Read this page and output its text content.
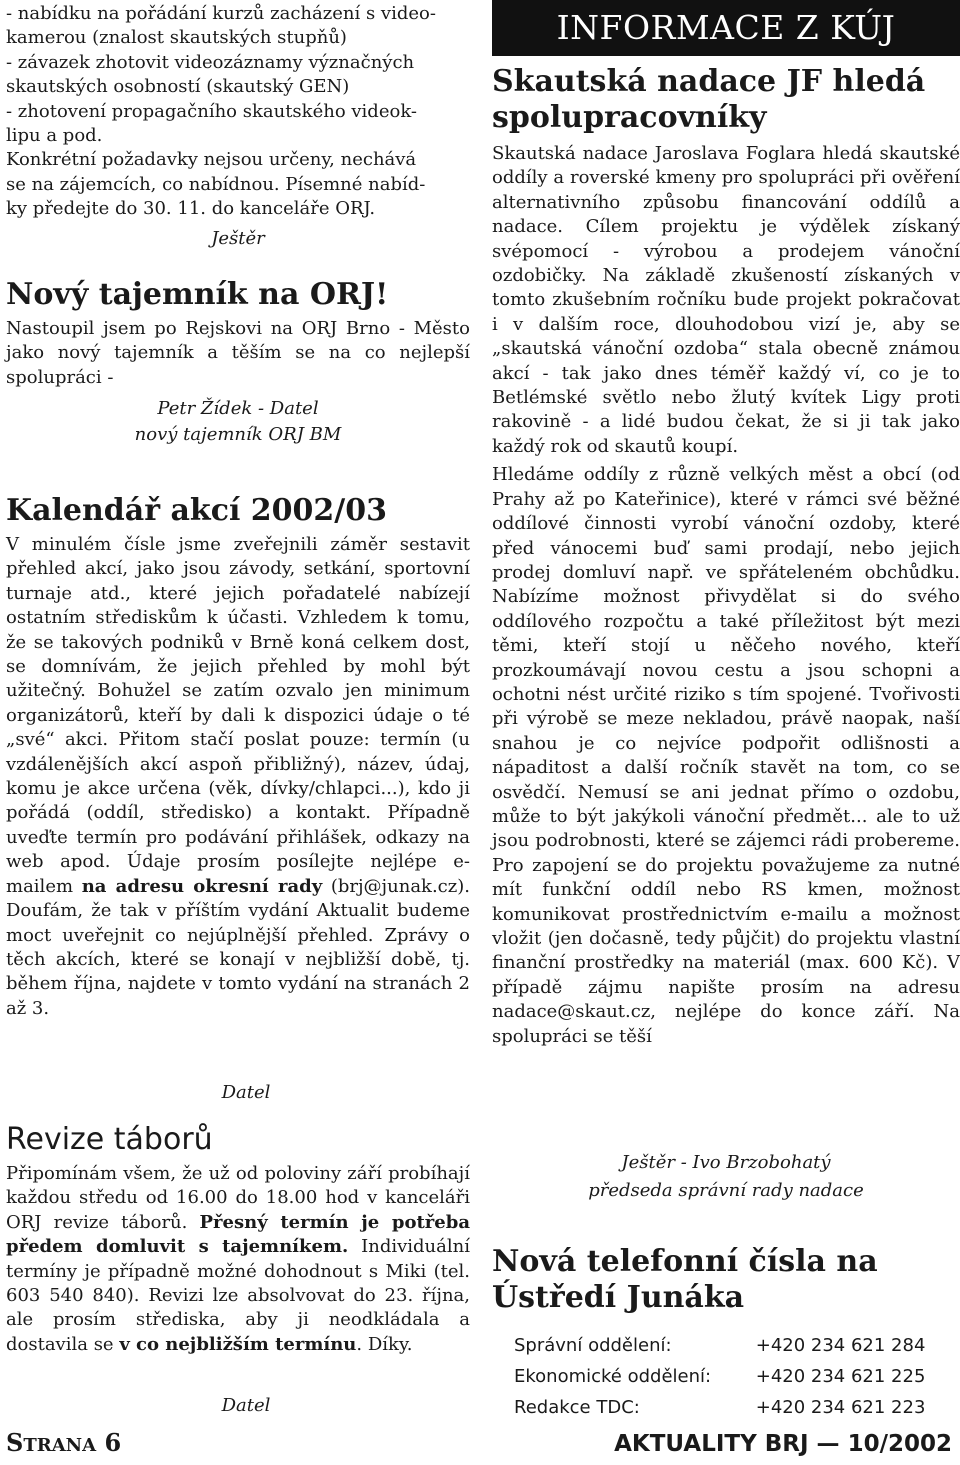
- nabídku na pořádání kurzů zacházení s video-

kamerou (znalost skautských stupňů)

- závazek zhotovit videozáznamy význačných

skautských osobností (skautský GEN)

- zhotovení propagačního skautského videok-

lipu a pod.

Konkrétní požadavky nejsou určeny, nechává

se na zájemcích, co nabídnou. Písemné nabíd-

ky předejte do 30. 11. do kanceláře ORJ.

Ještěr

Nový tajemník na ORJ!

Nastoupil jsem po Rejskovi na ORJ Brno - Město jako nový tajemník a těším se na co nejlepší spolupráci -

Petr Žídek - Datel

nový tajemník ORJ BM

Kalendář akcí 2002/03

V minulém čísle jsme zveřejnili záměr sestavit přehled akcí, jako jsou závody, setkání, sportovní turnaje atd., které jejich pořadatelé nabízejí ostatním střediskům k účasti. Vzhledem k tomu, že se takových podniků v Brně koná celkem dost, se domnívám, že jejich přehled by mohl být užitečný. Bohužel se zatím ozvalo jen minimum organizátorů, kteří by dali k dispozici údaje o té „své“ akci. Přitom stačí poslat pouze: termín (u vzdálenějších akcí aspoň přibližný), název, údaj, komu je akce určena (věk, dívky/chlapci...), kdo ji pořádá (oddíl, středisko) a kontakt. Případně uveďte termín pro podávání přihlášek, odkazy na web apod. Údaje prosím posílejte nejlépe e-mailem na adresu okresní rady (brj@junak.cz). Doufám, že tak v příštím vydání Aktualit budeme moct uveřejnit co nejúplnější přehled. Zprávy o těch akcích, které se konají v nejbližší době, tj. během října, najdete v tomto vydání na stranách 2 až 3.

Datel

Revize táborů

Připomínám všem, že už od poloviny září probíhají každou středu od 16.00 do 18.00 hod v kanceláři ORJ revize táborů. Přesný termín je potřeba předem domluvit s tajemníkem. Individuální termíny je případně možné dohodnout s Miki (tel. 603 540 840). Revizi lze absolvovat do 23. října, ale prosím střediska, aby ji neodkládala a dostavila se v co nejbližším termínu. Díky.

Datel

INFORMACE Z KÚJ
Skautská nadace JF hledá spolupracovníky

Skautská nadace Jaroslava Foglara hledá skautské oddíly a roverské kmeny pro spolupráci při ověření alternativního způsobu financování oddílů a nadace. Cílem projektu je výdělek získaný svépomocí - výrobou a prodejem vánoční ozdobičky. Na základě zkušeností získaných v tomto zkušebním ročníku bude projekt pokračovat i v dalším roce, dlouhodobou vizí je, aby se „skautská vánoční ozdoba“ stala obecně známou akcí - tak jako dnes téměř každý ví, co je to Betlémské světlo nebo žlutý kvítek Ligy proti rakovině - a lidé budou čekat, že si ji tak jako každý rok od skautů koupí.

Hledáme oddíly z různě velkých měst a obcí (od Prahy až po Kateřinice), které v rámci své běžné oddílové činnosti vyrobí vánoční ozdoby, které před vánocemi buď sami prodají, nebo jejich prodej domluví např. ve spřáteleném obchůdku. Nabízíme možnost přivydělat si do svého oddílového rozpočtu a také příležitost být mezi těmi, kteří stojí u něčeho nového, kteří prozkoumávají novou cestu a jsou schopni a ochotni nést určité riziko s tím spojené. Tvořivosti při výrobě se meze nekladou, právě naopak, naší snahou je co nejvíce podpořit odlišnosti a nápaditost a další ročník stavět na tom, co se osvědčí. Nemusí se ani jednat přímo o ozdobu, může to být jakýkoli vánoční předmět... ale to už jsou podrobnosti, které se zájemci rádi probereme. Pro zapojení se do projektu považujeme za nutné mít funkční oddíl nebo RS kmen, možnost komunikovat prostřednictvím e-mailu a možnost vložit (jen dočasně, tedy půjčit) do projektu vlastní finanční prostředky na materiál (max. 600 Kč). V případě zájmu napište prosím na adresu nadace@skaut.cz, nejlépe do konce září. Na spolupráci se těší

Ještěr - Ivo Brzobohatý

předseda správní rady nadace

Nová telefonní čísla na Ústředí Junáka
Správní oddělení:	+420 234 621 284
Ekonomické oddělení:	+420 234 621 225
Redakce TDC:	+420 234 621 223
STRANA 6	AKTUALITY BRJ — 10/2002
